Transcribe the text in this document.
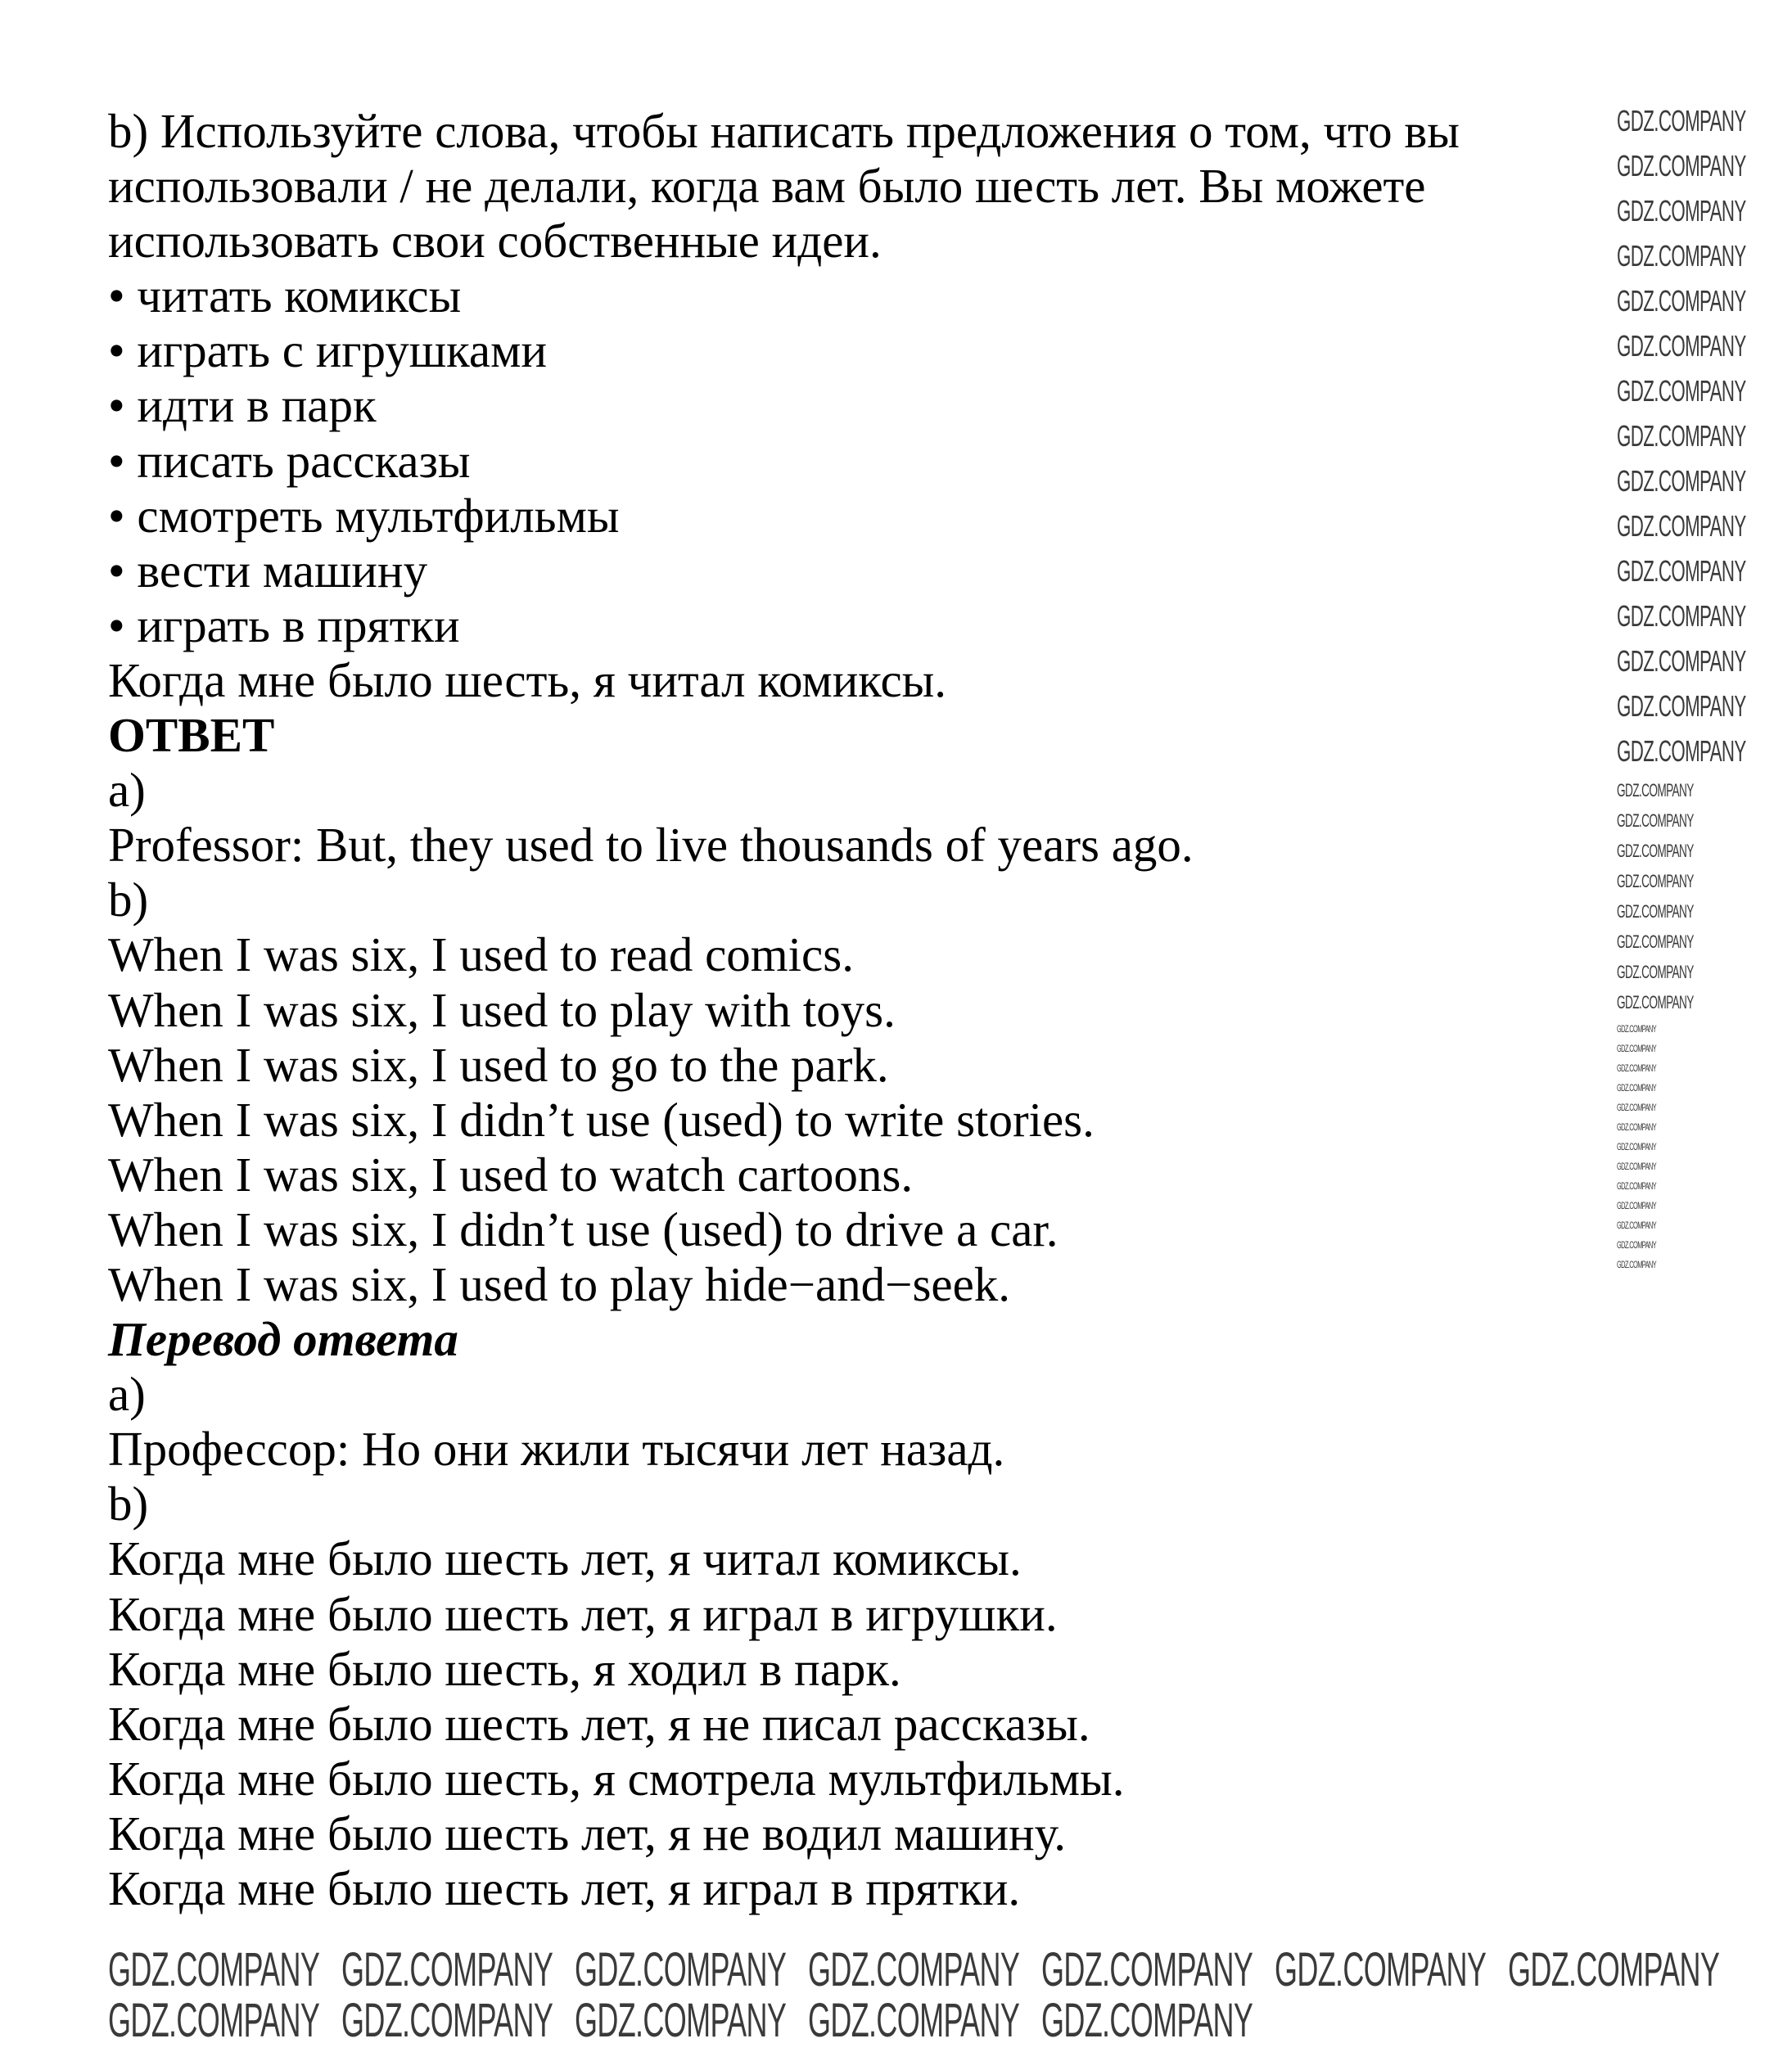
b) Используйте слова, чтобы написать предложения о том, что вы
использовали / не делали, когда вам было шесть лет. Вы можете
использовать свои собственные идеи.
• читать комиксы
• играть с игрушками
• идти в парк
• писать рассказы
• смотреть мультфильмы
• вести машину
• играть в прятки
Когда мне было шесть, я читал комиксы.
ОТВЕТ
a)
Professor: But, they used to live thousands of years ago.
b)
When I was six, I used to read comics.
When I was six, I used to play with toys.
When I was six, I used to go to the park.
When I was six, I didn’t use (used) to write stories.
When I was six, I used to watch cartoons.
When I was six, I didn’t use (used) to drive a car.
When I was six, I used to play hide−and−seek.
Перевод ответа
a)
Профессор: Но они жили тысячи лет назад.
b)
Когда мне было шесть лет, я читал комиксы.
Когда мне было шесть лет, я играл в игрушки.
Когда мне было шесть, я ходил в парк.
Когда мне было шесть лет, я не писал рассказы.
Когда мне было шесть, я смотрела мультфильмы.
Когда мне было шесть лет, я не водил машину.
Когда мне было шесть лет, я играл в прятки.
GDZ.COMPANY GDZ.COMPANY GDZ.COMPANY GDZ.COMPANY GDZ.COMPANY GDZ.COMPANY GDZ.COMPANY
GDZ.COMPANY GDZ.COMPANY GDZ.COMPANY GDZ.COMPANY GDZ.COMPANY
GDZ.COMPANY
GDZ.COMPANY
GDZ.COMPANY
GDZ.COMPANY
GDZ.COMPANY
GDZ.COMPANY
GDZ.COMPANY
GDZ.COMPANY
GDZ.COMPANY
GDZ.COMPANY
GDZ.COMPANY
GDZ.COMPANY
GDZ.COMPANY
GDZ.COMPANY
GDZ.COMPANY
GDZ.COMPANY
GDZ.COMPANY
GDZ.COMPANY
GDZ.COMPANY
GDZ.COMPANY
GDZ.COMPANY
GDZ.COMPANY
GDZ.COMPANY
GDZ.COMPANY
GDZ.COMPANY
GDZ.COMPANY
GDZ.COMPANY
GDZ.COMPANY
GDZ.COMPANY
GDZ.COMPANY
GDZ.COMPANY
GDZ.COMPANY
GDZ.COMPANY
GDZ.COMPANY
GDZ.COMPANY
GDZ.COMPANY
